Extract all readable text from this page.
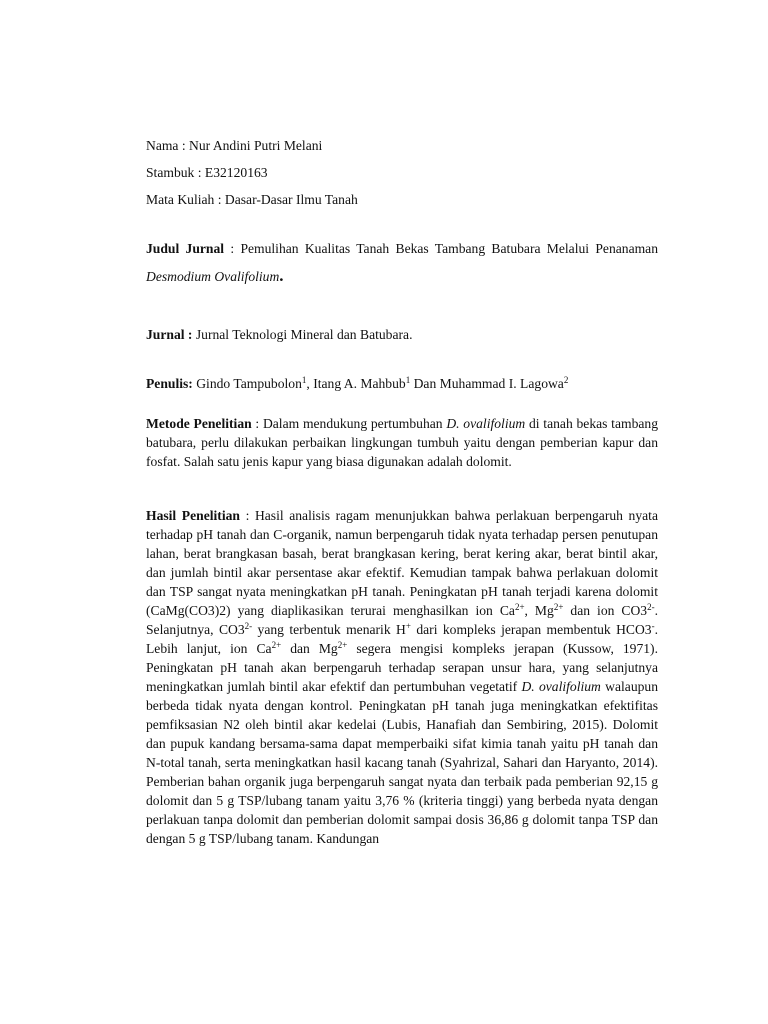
Nama : Nur Andini Putri Melani
Stambuk : E32120163
Mata Kuliah : Dasar-Dasar Ilmu Tanah
Judul Jurnal : Pemulihan Kualitas Tanah Bekas Tambang Batubara Melalui Penanaman Desmodium Ovalifolium.
Jurnal : Jurnal Teknologi Mineral dan Batubara.
Penulis: Gindo Tampubolon$^1$, Itang A. Mahbub$^1$ Dan Muhammad I. Lagowa$^2$
Metode Penelitian : Dalam mendukung pertumbuhan D. ovalifolium di tanah bekas tambang batubara, perlu dilakukan perbaikan lingkungan tumbuh yaitu dengan pemberian kapur dan fosfat. Salah satu jenis kapur yang biasa digunakan adalah dolomit.
Hasil Penelitian : Hasil analisis ragam menunjukkan bahwa perlakuan berpengaruh nyata terhadap pH tanah dan C-organik, namun berpengaruh tidak nyata terhadap persen penutupan lahan, berat brangkasan basah, berat brangkasan kering, berat kering akar, berat bintil akar, dan jumlah bintil akar persentase akar efektif. Kemudian tampak bahwa perlakuan dolomit dan TSP sangat nyata meningkatkan pH tanah. Peningkatan pH tanah terjadi karena dolomit (CaMg(CO3)2) yang diaplikasikan terurai menghasilkan ion $Ca^{2+}$, $Mg^{2+}$ dan ion $CO3^{2-}$. Selanjutnya, $CO3^{2-}$ yang terbentuk menarik H+ dari kompleks jerapan membentuk HCO3-. Lebih lanjut, ion $Ca^{2+}$ dan $Mg^{2+}$ segera mengisi kompleks jerapan (Kussow, 1971). Peningkatan pH tanah akan berpengaruh terhadap serapan unsur hara, yang selanjutnya meningkatkan jumlah bintil akar efektif dan pertumbuhan vegetatif D. ovalifolium walaupun berbeda tidak nyata dengan kontrol. Peningkatan pH tanah juga meningkatkan efektifitas pemfiksasian N2 oleh bintil akar kedelai (Lubis, Hanafiah dan Sembiring, 2015). Dolomit dan pupuk kandang bersama-sama dapat memperbaiki sifat kimia tanah yaitu pH tanah dan N-total tanah, serta meningkatkan hasil kacang tanah (Syahrizal, Sahari dan Haryanto, 2014). Pemberian bahan organik juga berpengaruh sangat nyata dan terbaik pada pemberian 92,15 g dolomit dan 5 g TSP/lubang tanam yaitu 3,76 % (kriteria tinggi) yang berbeda nyata dengan perlakuan tanpa dolomit dan pemberian dolomit sampai dosis 36,86 g dolomit tanpa TSP dan dengan 5 g TSP/lubang tanam. Kandungan
